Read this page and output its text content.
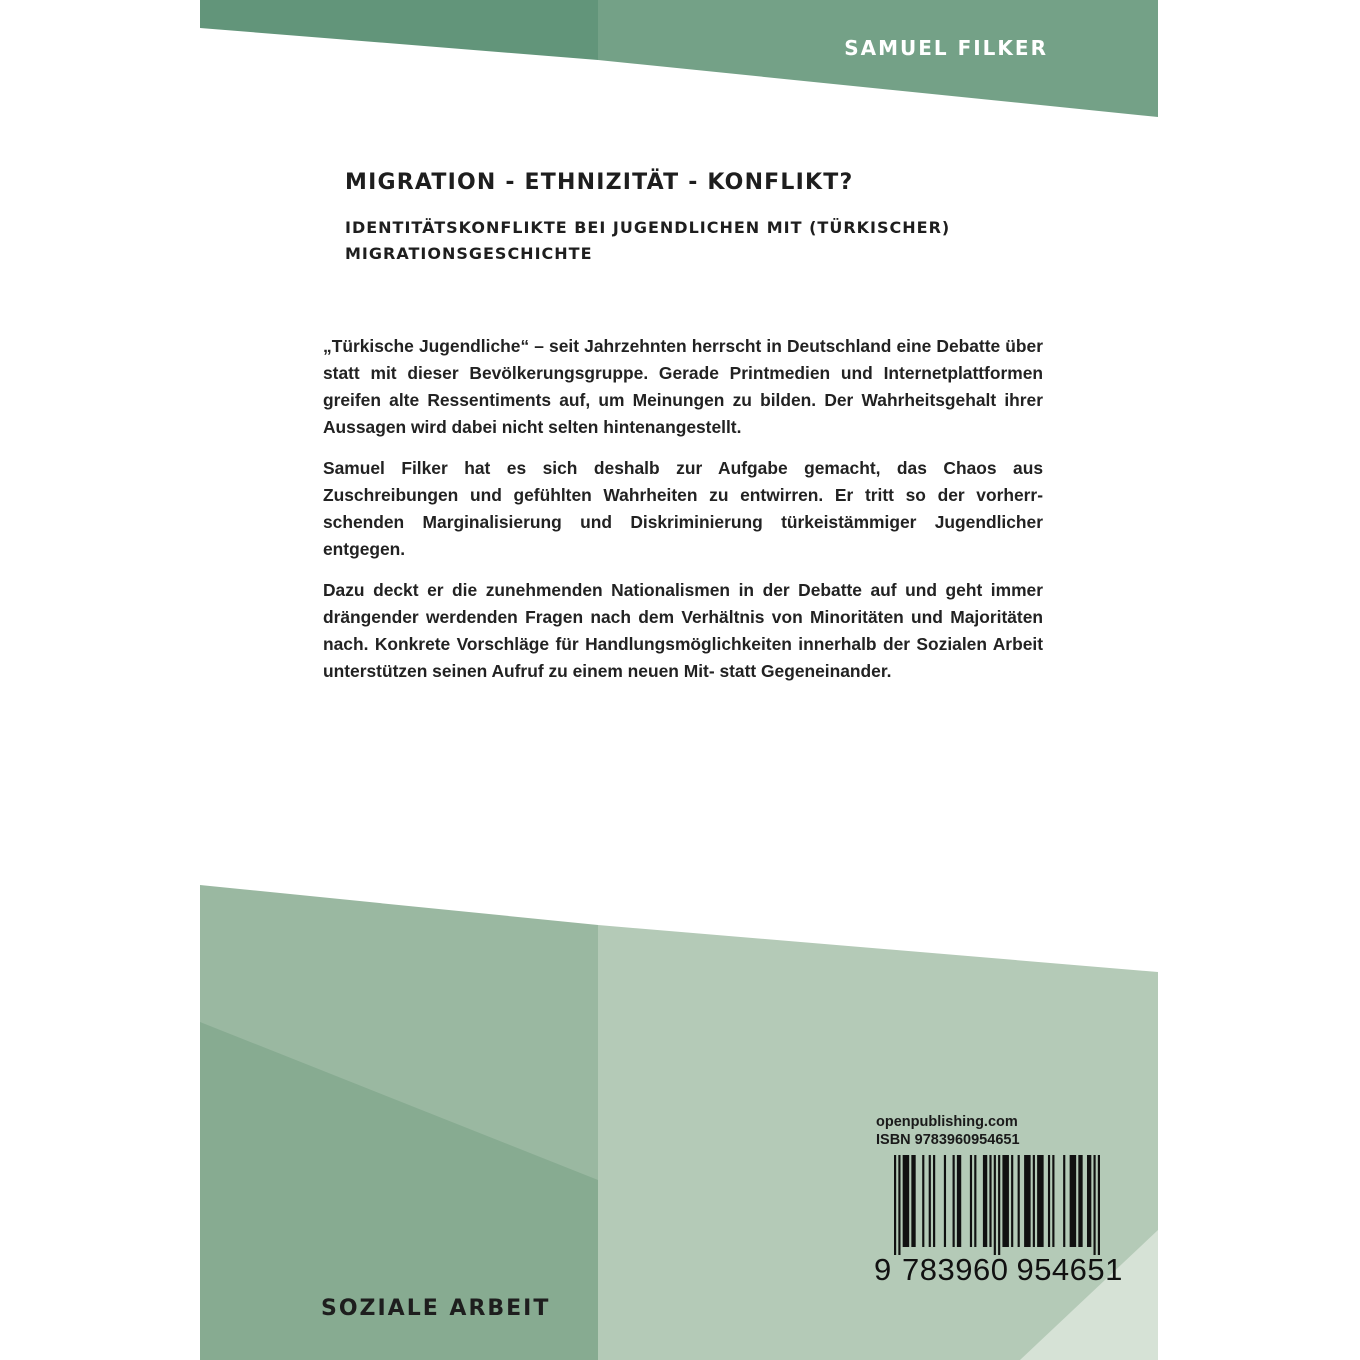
SAMUEL FILKER
MIGRATION - ETHNIZITÄT - KONFLIKT?
IDENTITÄTSKONFLIKTE BEI JUGENDLICHEN MIT (TÜRKISCHER)
MIGRATIONSGESCHICHTE

„Türkische Jugendliche“ – seit Jahrzehnten herrscht in Deutschland eine Debatte über statt mit dieser Bevölkerungsgruppe. Gerade Printmedien und Internetplattformen greifen alte Ressentiments auf, um Meinungen zu bilden. Der Wahrheitsgehalt ihrer Aussagen wird dabei nicht selten hintenangestellt.

Samuel Filker hat es sich deshalb zur Aufgabe gemacht, das Chaos aus Zuschreibungen und gefühlten Wahrheiten zu entwirren. Er tritt so der vorherr-schenden Marginalisierung und Diskriminierung türkeistämmiger Jugendlicher entgegen.

Dazu deckt er die zunehmenden Nationalismen in der Debatte auf und geht immer drängender werdenden Fragen nach dem Verhältnis von Minoritäten und Majoritäten nach. Konkrete Vorschläge für Handlungsmöglichkeiten innerhalb der Sozialen Arbeit unterstützen seinen Aufruf zu einem neuen Mit- statt Gegeneinander.

openpublishing.com
ISBN 9783960954651
9 783960 954651
SOZIALE ARBEIT
